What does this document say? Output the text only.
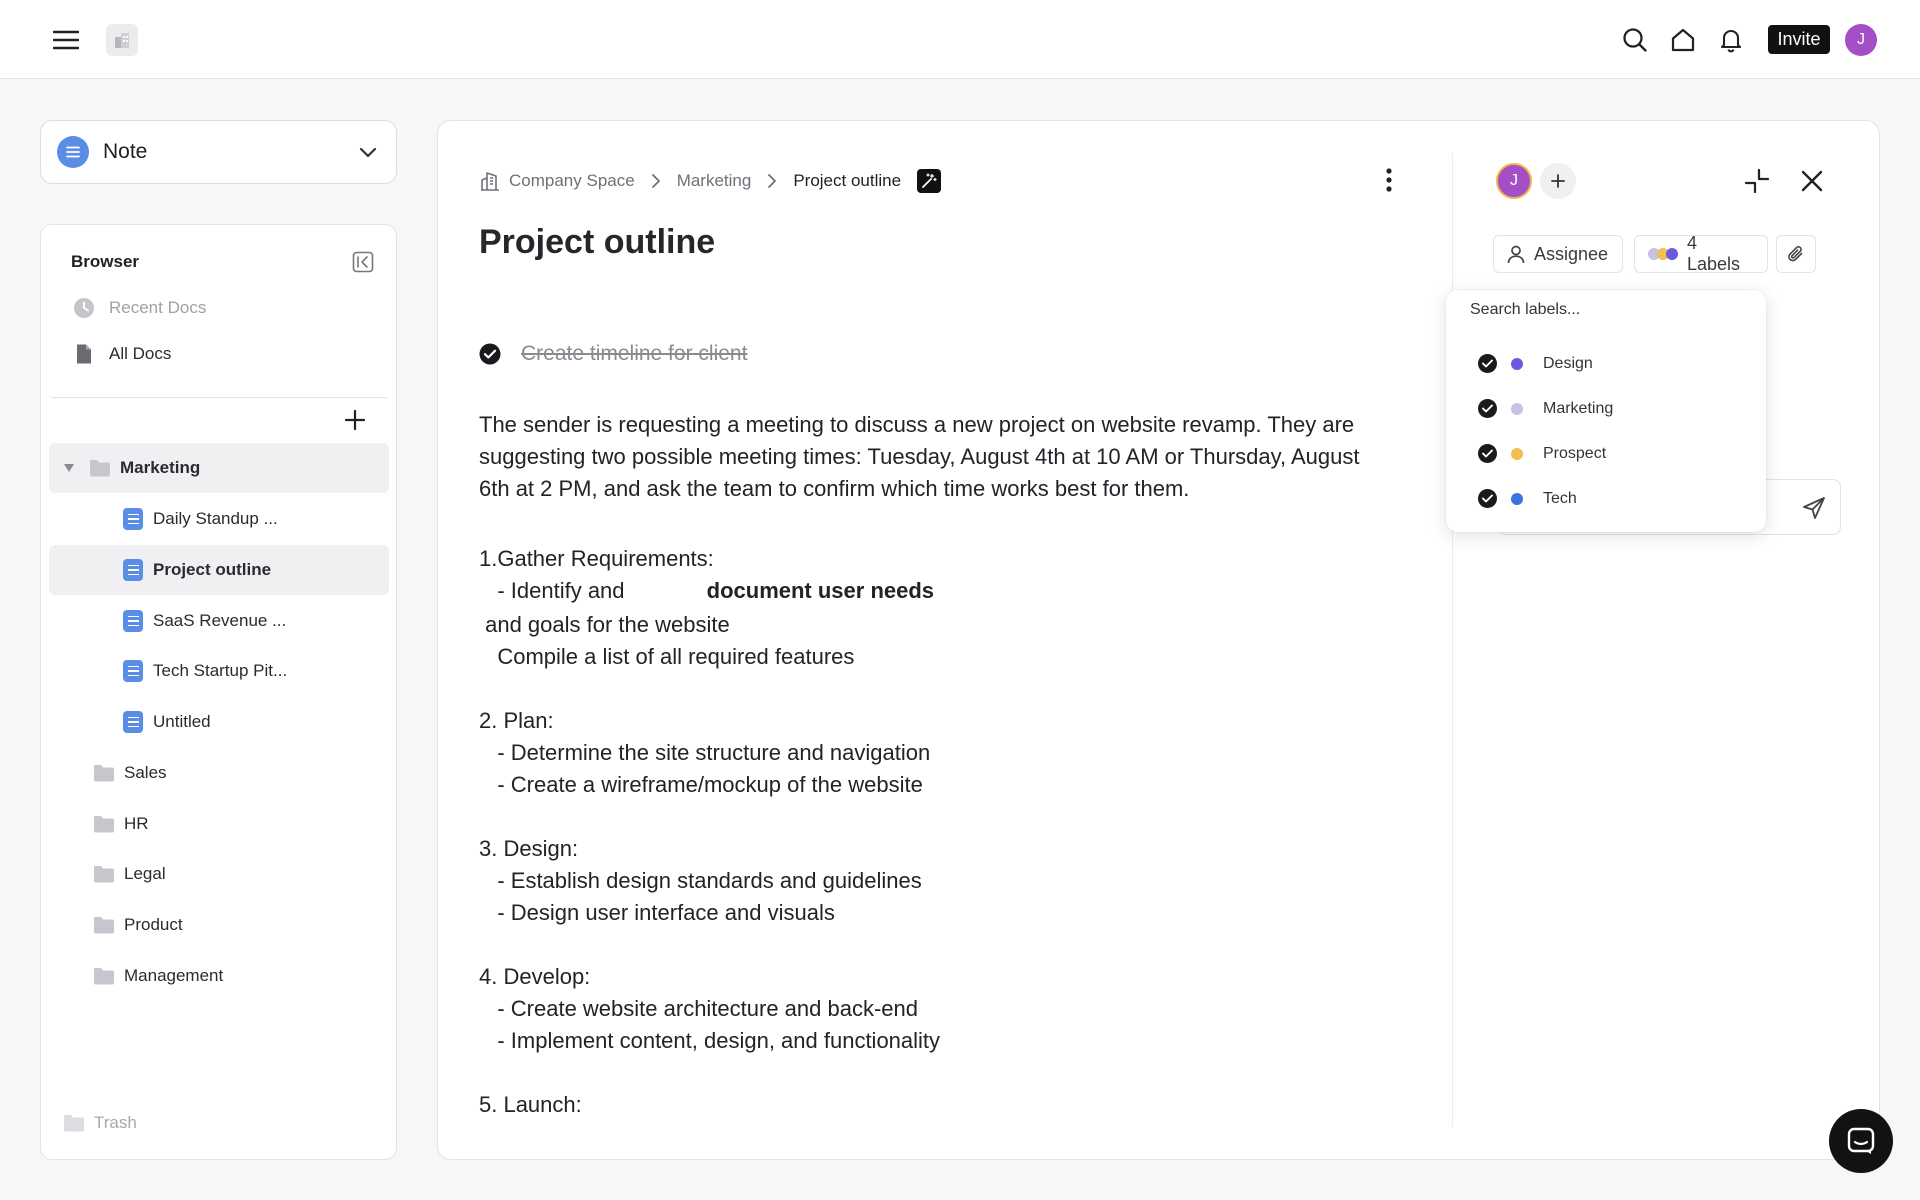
Invite	J
Note
Browser
Recent Docs
All Docs
Marketing
Daily Standup ...
Project outline
SaaS Revenue ...
Tech Startup Pit...
Untitled
Sales
HR
Legal
Product
Management
Trash
Company Space Marketing Project outline
Project outline
Create timeline for client
The sender is requesting a meeting to discuss a new project on website revamp. They are
suggesting two possible meeting times: Tuesday, August 4th at 10 AM or Thursday, August
6th at 2 PM, and ask the team to confirm which time works best for them.
1.Gather Requirements:
- Identify and	document user needs
and goals for the website
Compile a list of all required features
2. Plan:
- Determine the site structure and navigation
- Create a wireframe/mockup of the website
3. Design:
- Establish design standards and guidelines
- Design user interface and visuals
4. Develop:
- Create website architecture and back-end
- Implement content, design, and functionality
5. Launch:
J
Assignee
4 Labels
Search labels...
Design
Marketing
Prospect
Tech
